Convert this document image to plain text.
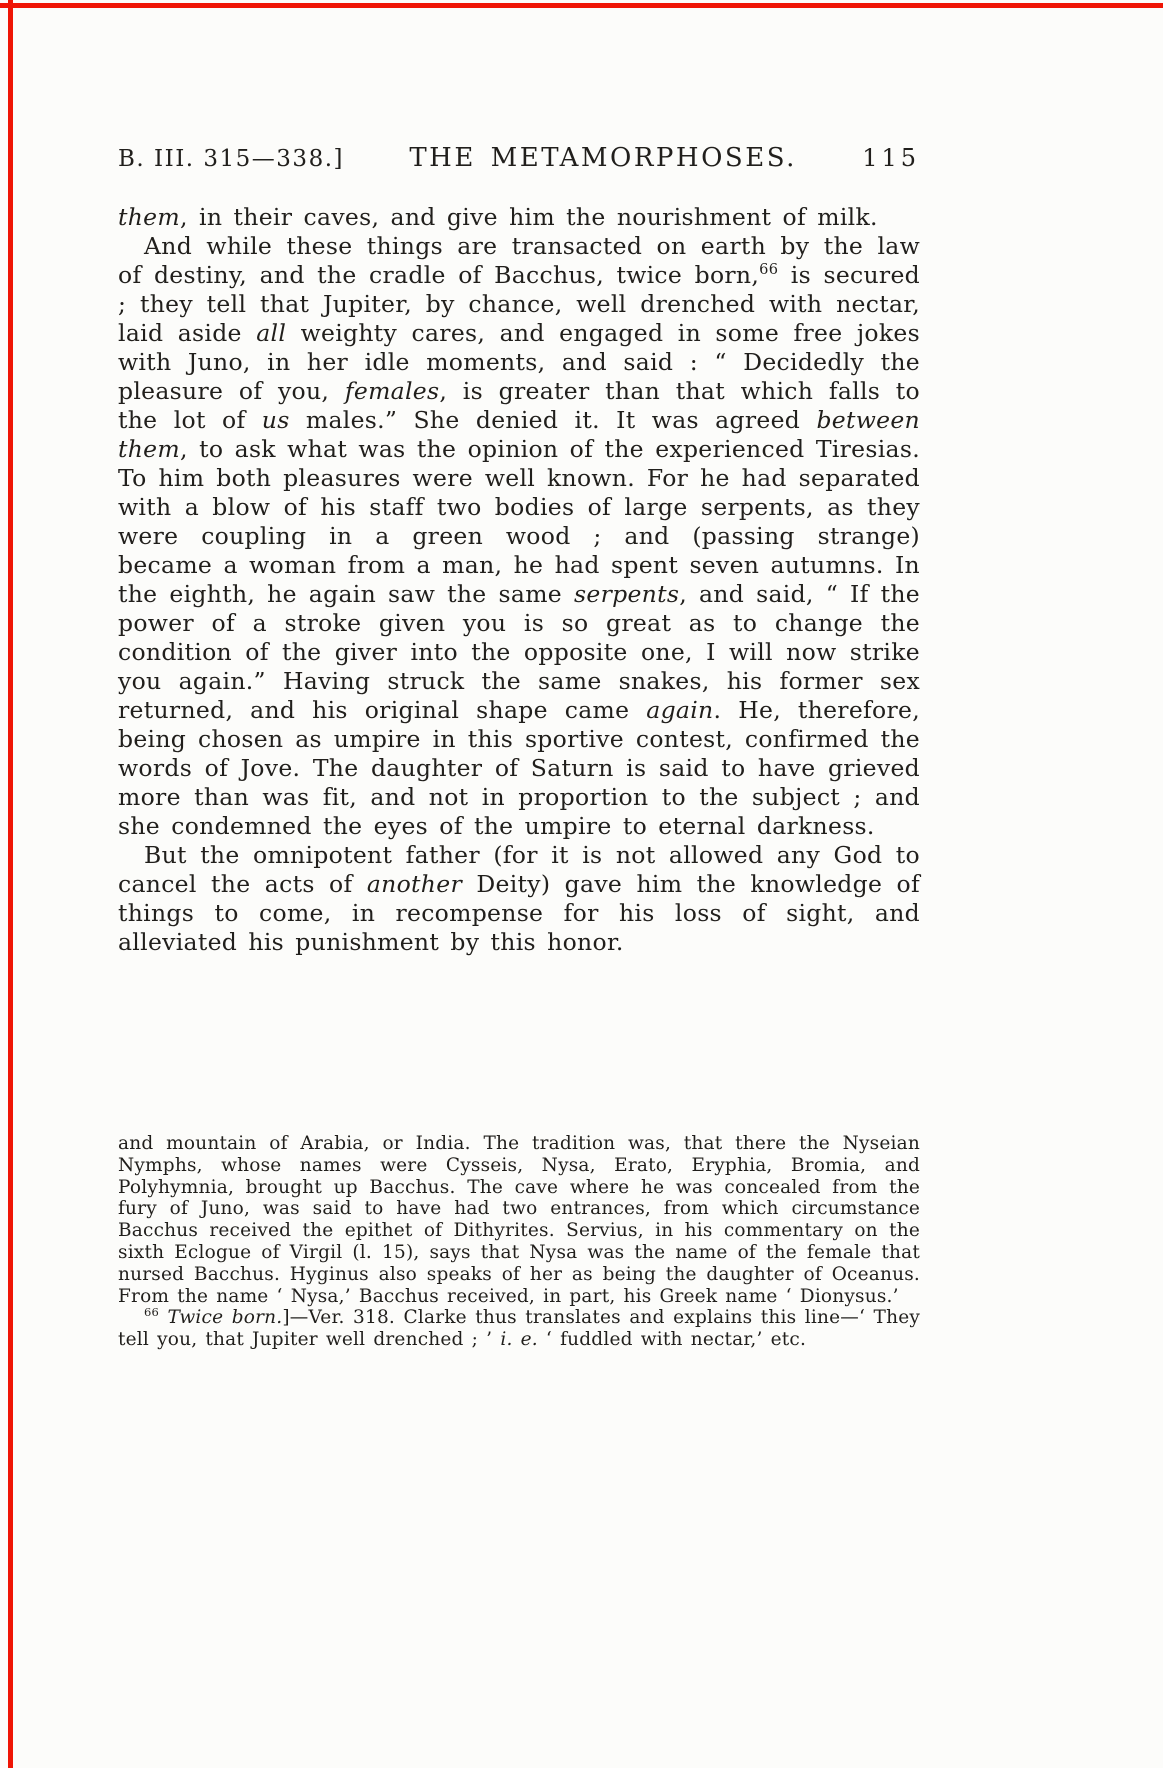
B. III. 315—338.]	THE METAMORPHOSES.	115

them, in their caves, and give him the nourishment of milk.

And while these things are transacted on earth by the law of destiny, and the cradle of Bacchus, twice born,$^{66}$ is secured ; they tell that Jupiter, by chance, well drenched with nectar, laid aside all weighty cares, and engaged in some free jokes with Juno, in her idle moments, and said : “ Decidedly the pleasure of you, females, is greater than that which falls to the lot of us males.” She denied it. It was agreed between them, to ask what was the opinion of the experienced Tiresias. To him both pleasures were well known. For he had separated with a blow of his staff two bodies of large serpents, as they were coupling in a green wood ; and (passing strange) became a woman from a man, he had spent seven autumns. In the eighth, he again saw the same serpents, and said, “ If the power of a stroke given you is so great as to change the condition of the giver into the opposite one, I will now strike you again.” Having struck the same snakes, his former sex returned, and his original shape came again. He, therefore, being chosen as umpire in this sportive contest, confirmed the words of Jove. The daughter of Saturn is said to have grieved more than was fit, and not in proportion to the subject ; and she condemned the eyes of the umpire to eternal darkness.

But the omnipotent father (for it is not allowed any God to cancel the acts of another Deity) gave him the knowledge of things to come, in recompense for his loss of sight, and alleviated his punishment by this honor.

and mountain of Arabia, or India. The tradition was, that there the Nyseian Nymphs, whose names were Cysseis, Nysa, Erato, Eryphia, Bromia, and Polyhymnia, brought up Bacchus. The cave where he was concealed from the fury of Juno, was said to have had two entrances, from which circumstance Bacchus received the epithet of Dithyrites. Servius, in his commentary on the sixth Eclogue of Virgil (l. 15), says that Nysa was the name of the female that nursed Bacchus. Hyginus also speaks of her as being the daughter of Oceanus. From the name ‘ Nysa,’ Bacchus received, in part, his Greek name ‘ Dionysus.’

$^{66}$ Twice born.]—Ver. 318. Clarke thus translates and explains this line—‘ They tell you, that Jupiter well drenched ; ’ i. e. ‘ fuddled with nectar,’ etc.
